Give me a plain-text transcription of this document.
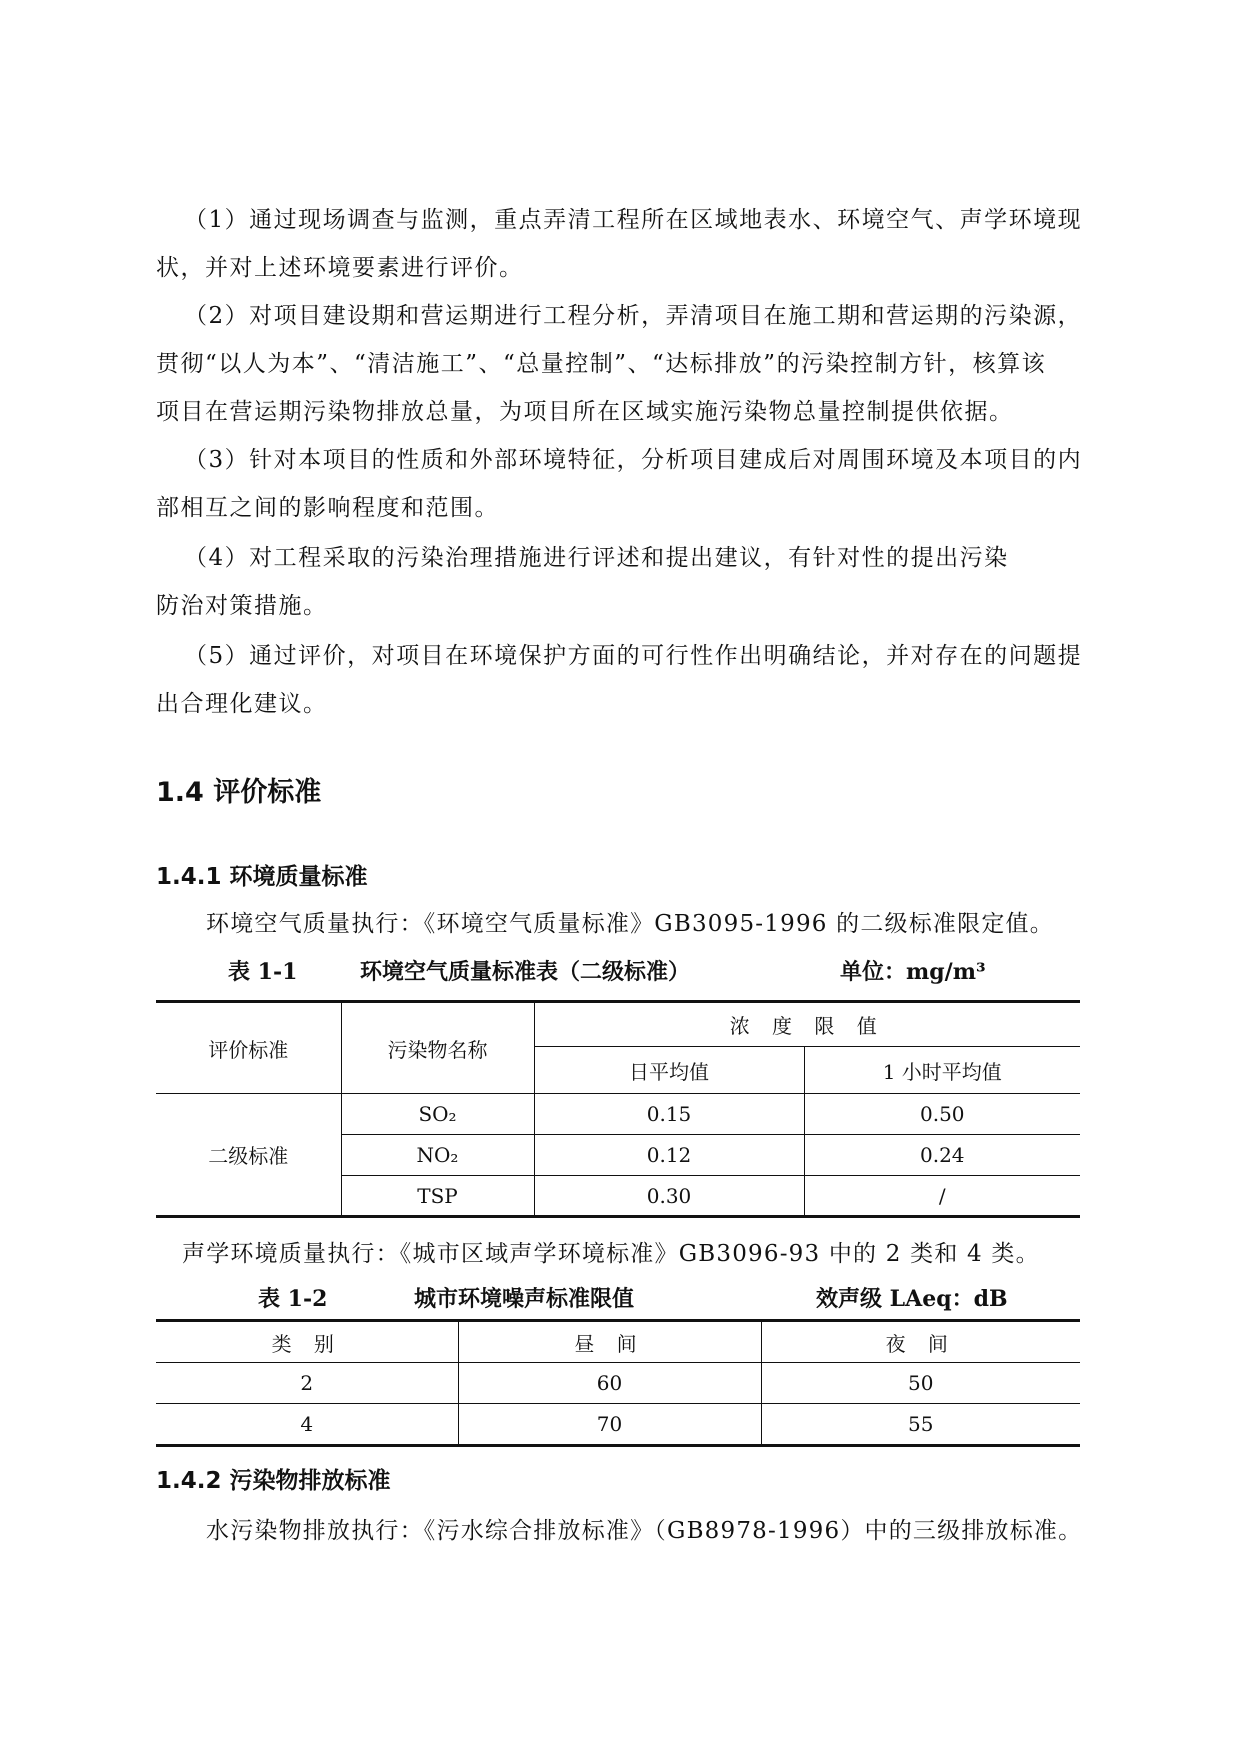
（1）通过现场调查与监测，重点弄清工程所在区域地表水、环境空气、声学环境现
状，并对上述环境要素进行评价。

（2）对项目建设期和营运期进行工程分析，弄清项目在施工期和营运期的污染源，
贯彻“以人为本”、“清洁施工”、“总量控制”、“达标排放”的污染控制方针，核算该
项目在营运期污染物排放总量，为项目所在区域实施污染物总量控制提供依据。

（3）针对本项目的性质和外部环境特征，分析项目建成后对周围环境及本项目的内
部相互之间的影响程度和范围。

（4）对工程采取的污染治理措施进行评述和提出建议，有针对性的提出污染
防治对策措施。

（5）通过评价，对项目在环境保护方面的可行性作出明确结论，并对存在的问题提
出合理化建议。

1.4 评价标准
1.4.1 环境质量标准

环境空气质量执行：《环境空气质量标准》GB3095-1996 的二级标准限定值。

表 1-1	环境空气质量标准表（二级标准）	单位：mg/m³

评价标准	污染物名称	浓 度 限 值	
		日平均值	1 小时平均值
二级标准	SO₂	0.15	0.50
	NO₂	0.12	0.24
	TSP	0.30	/

声学环境质量执行：《城市区域声学环境标准》GB3096-93 中的 2 类和 4 类。

表 1-2	城市环境噪声标准限值	效声级 LAeq：dB

类 别	昼 间	夜 间
2	60	50
4	70	55
1.4.2 污染物排放标准

水污染物排放执行：《污水综合排放标准》（GB8978-1996）中的三级排放标准。
